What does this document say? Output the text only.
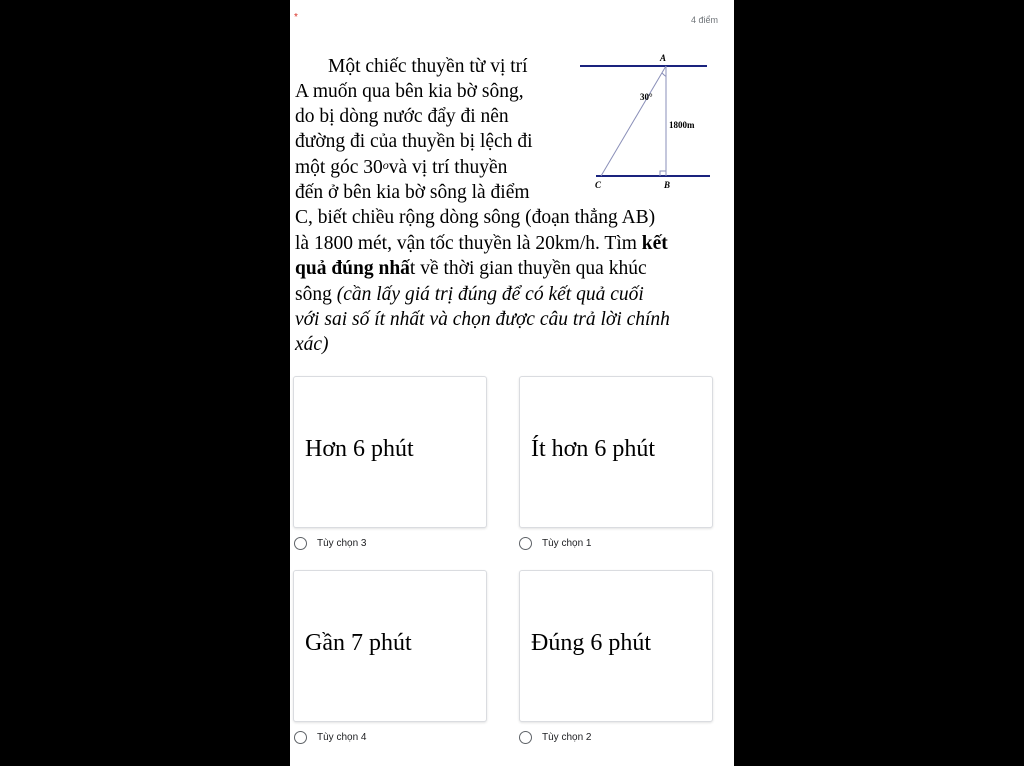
*	4 điểm
Một chiếc thuyền từ vị trí
A muốn qua bên kia bờ sông,
do bị dòng nước đẩy đi nên
đường đi của thuyền bị lệch đi
một góc 30$^o$và vị trí thuyền
đến ở bên kia bờ sông là điểm
C, biết chiều rộng dòng sông (đoạn thẳng AB)
là 1800 mét, vận tốc thuyền là 20km/h. Tìm kết
quả đúng nhất về thời gian thuyền qua khúc
sông (cần lấy giá trị đúng để có kết quả cuối
với sai số ít nhất và chọn được câu trả lời chính
xác)
A
30°
1800m
C	B
Hơn 6 phút
Tùy chọn 3
Ít hơn 6 phút
Tùy chọn 1
Gần 7 phút
Tùy chọn 4
Đúng 6 phút
Tùy chọn 2
